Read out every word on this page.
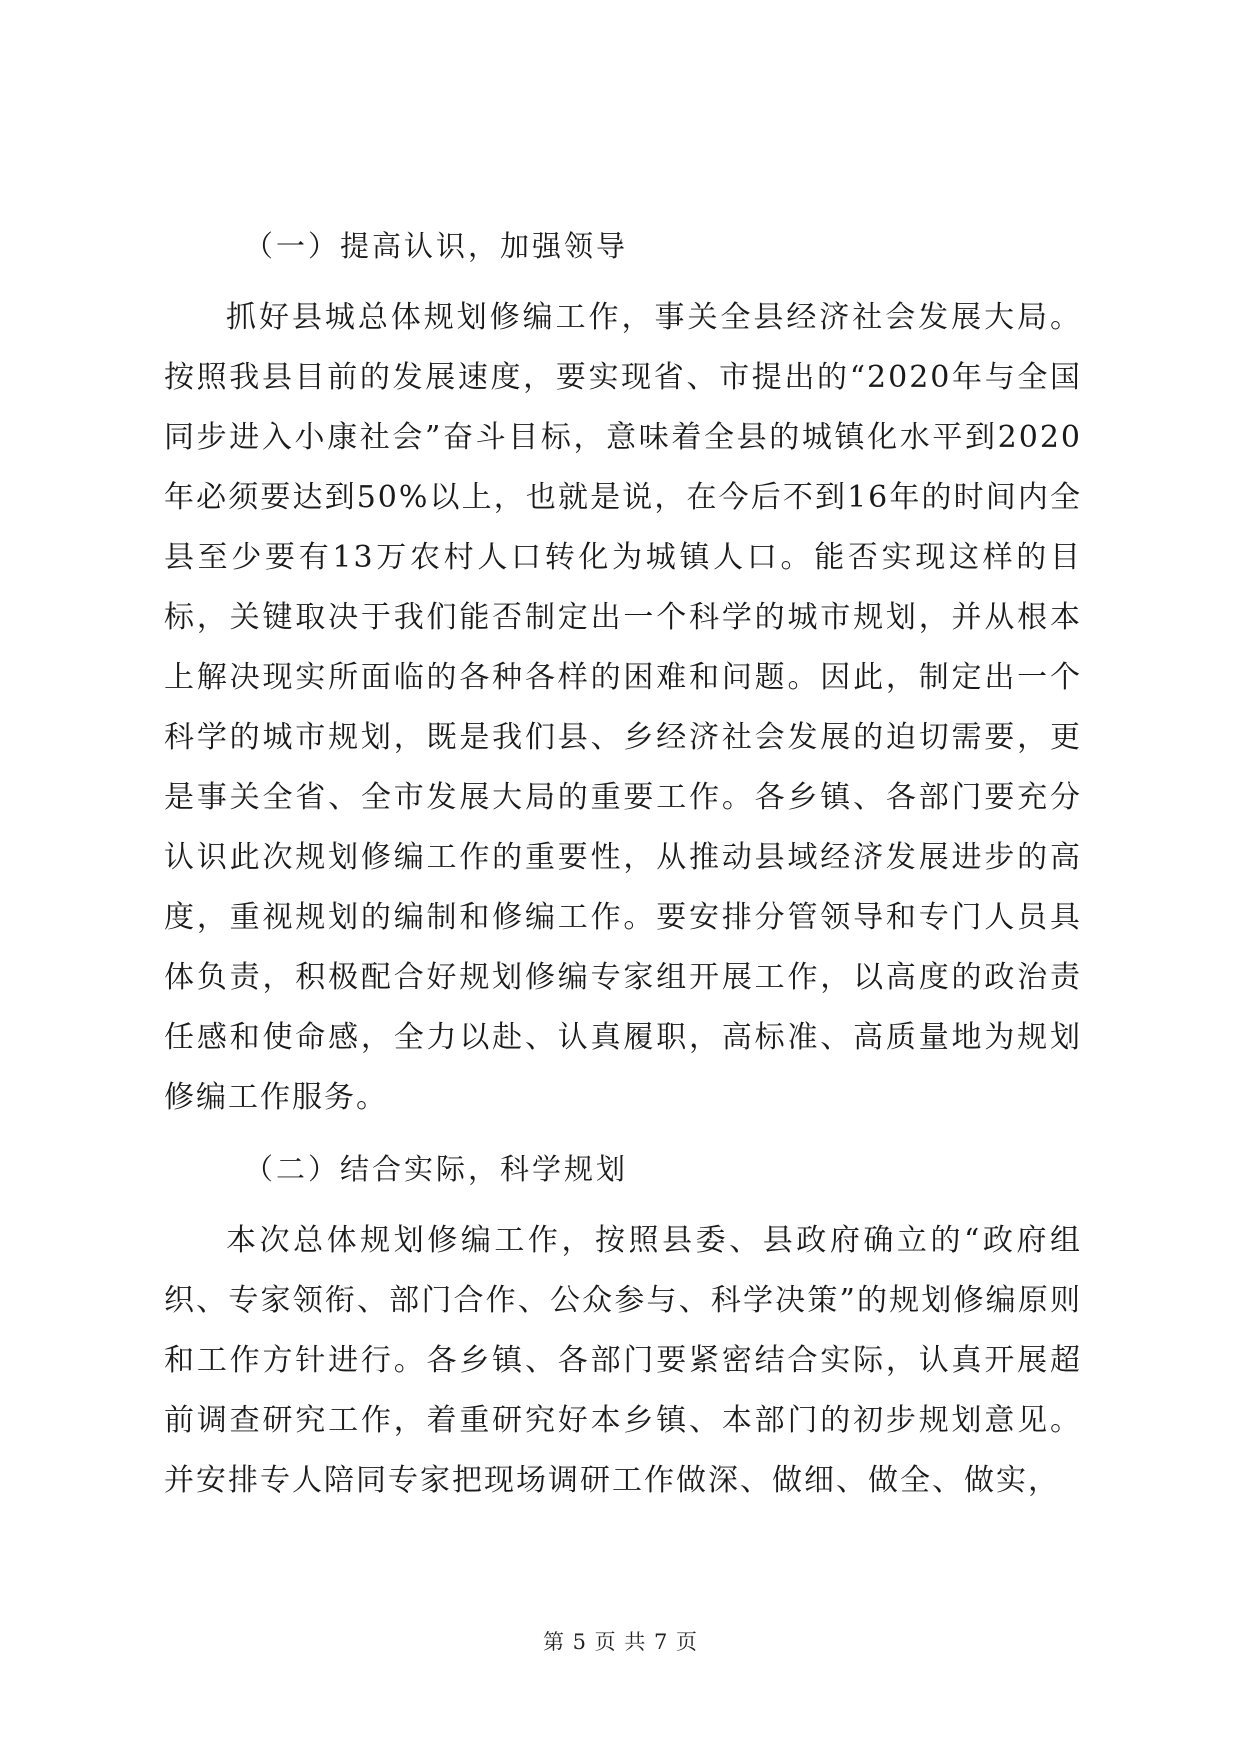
（一）提高认识，加强领导

抓好县城总体规划修编工作，事关全县经济社会发展大局。按照我县目前的发展速度，要实现省、市提出的“2020年与全国同步进入小康社会”奋斗目标，意味着全县的城镇化水平到2020年必须要达到50%以上，也就是说，在今后不到16年的时间内全县至少要有13万农村人口转化为城镇人口。能否实现这样的目标，关键取决于我们能否制定出一个科学的城市规划，并从根本上解决现实所面临的各种各样的困难和问题。因此，制定出一个科学的城市规划，既是我们县、乡经济社会发展的迫切需要，更是事关全省、全市发展大局的重要工作。各乡镇、各部门要充分认识此次规划修编工作的重要性，从推动县域经济发展进步的高度，重视规划的编制和修编工作。要安排分管领导和专门人员具体负责，积极配合好规划修编专家组开展工作，以高度的政治责任感和使命感，全力以赴、认真履职，高标准、高质量地为规划修编工作服务。

（二）结合实际，科学规划

本次总体规划修编工作，按照县委、县政府确立的“政府组织、专家领衔、部门合作、公众参与、科学决策”的规划修编原则和工作方针进行。各乡镇、各部门要紧密结合实际，认真开展超前调查研究工作，着重研究好本乡镇、本部门的初步规划意见。并安排专人陪同专家把现场调研工作做深、做细、做全、做实，

第 5 页 共 7 页
